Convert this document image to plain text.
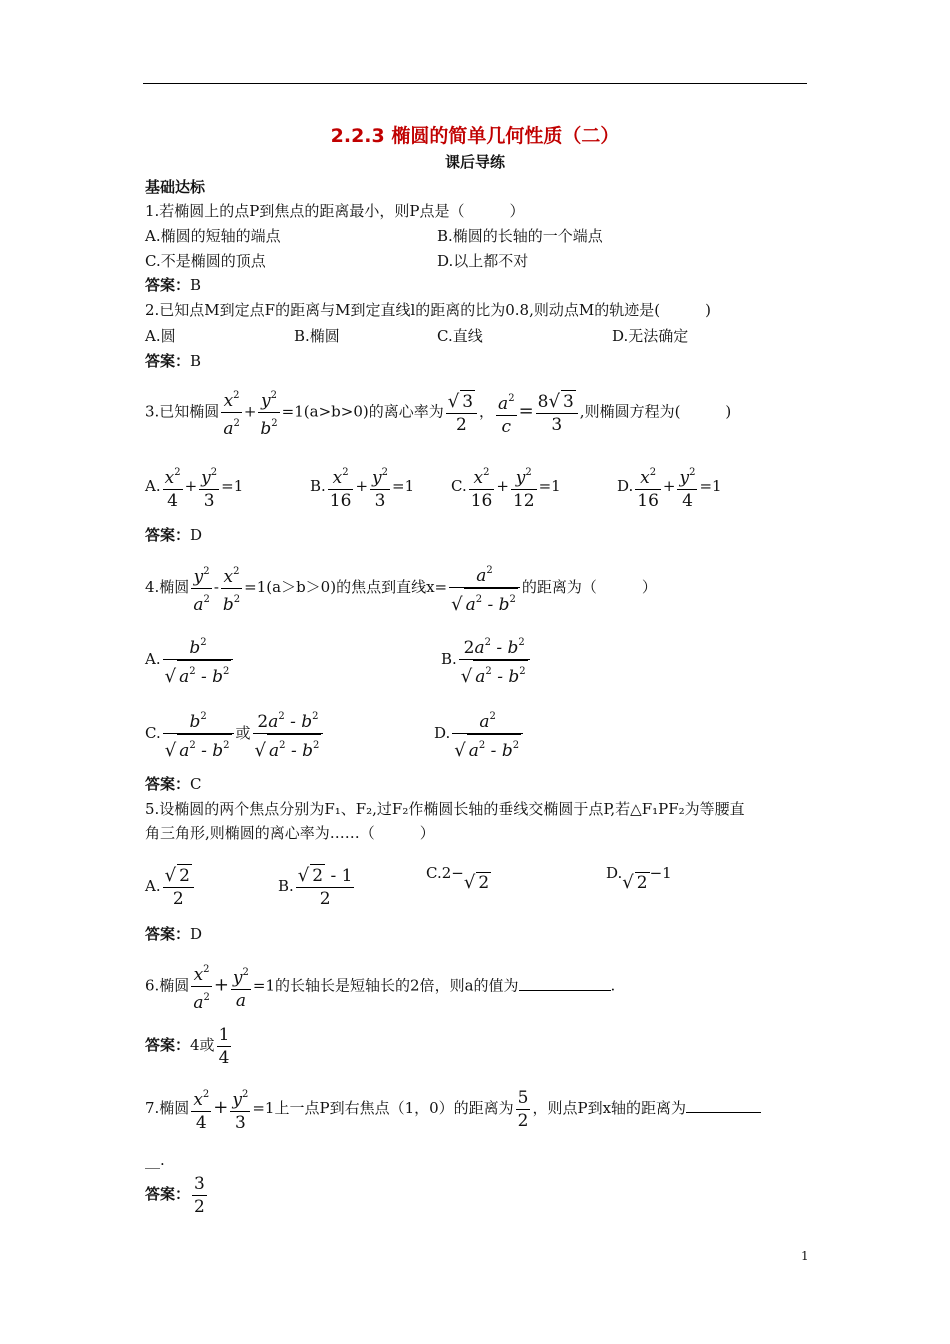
2.2.3 椭圆的简单几何性质（二）
课后导练
基础达标
1.若椭圆上的点P到焦点的距离最小，则P点是（　　　）
A.椭圆的短轴的端点	B.椭圆的长轴的一个端点
C.不是椭圆的顶点	D.以上都不对
答案：B
2.已知点M到定点F的距离与M到定直线l的距离的比为0.8,则动点M的轨迹是(　　　)
A.圆	B.椭圆	C.直线	D.无法确定
答案：B
3.已知椭圆 $\frac{x^2}{a^2} + \frac{y^2}{b^2} =1(a>b>0)$的离心率为 $\frac{√ 3}{2}$ ， $\frac{a^2}{c} = \frac{8√ 3}{3}$ ,则椭圆方程为(　　　)
A. $\frac{x^2}{4} + \frac{y^2}{3} =1$	B. $\frac{x^2}{16} + \frac{y^2}{3} =1$ C. $\frac{x^2}{16} + \frac{y^2}{12} =1$	D. $\frac{x^2}{16} + \frac{y^2}{4} =1$
答案：D
4.椭圆 $\frac{y^2}{a^2} - \frac{x^2}{b^2} =1(a>b>0)$的焦点到直线$x= \frac{a^2}{√ a^2 - b^2}$ 的距离为（　　　）
A. $\frac{b^2}{√ a^2 - b^2}$	B. $\frac{2a^2 - b^2}{√ a^2 - b^2}$
C. $\frac{b^2}{√ a^2 - b^2}$ 或 $\frac{2a^2 - b^2}{√ a^2 - b^2}$	D. $\frac{a^2}{√ a^2 - b^2}$
答案：C
5.设椭圆的两个焦点分别为F₁、F₂,过F₂作椭圆长轴的垂线交椭圆于点P,若△F₁PF₂为等腰直
角三角形,则椭圆的离心率为……（　　　）
A. $\frac{√ 2}{2}$	B. $\frac{√ 2 - 1}{2}$	C.2−√ 2	D.√ 2 −1
答案：D
6.椭圆 $\frac{x^2}{a^2} + \frac{y^2}{a} =1$的长轴长是短轴长的2倍，则a的值为	.
答案：4或 $\frac{1}{4}$
7.椭圆 $\frac{x^2}{4} + \frac{y^2}{3} =1$上一点P到右焦点（1，0）的距离为 $\frac{5}{2}$ ，则点P到x轴的距离为
__.
答案： $\frac{3}{2}$
1
